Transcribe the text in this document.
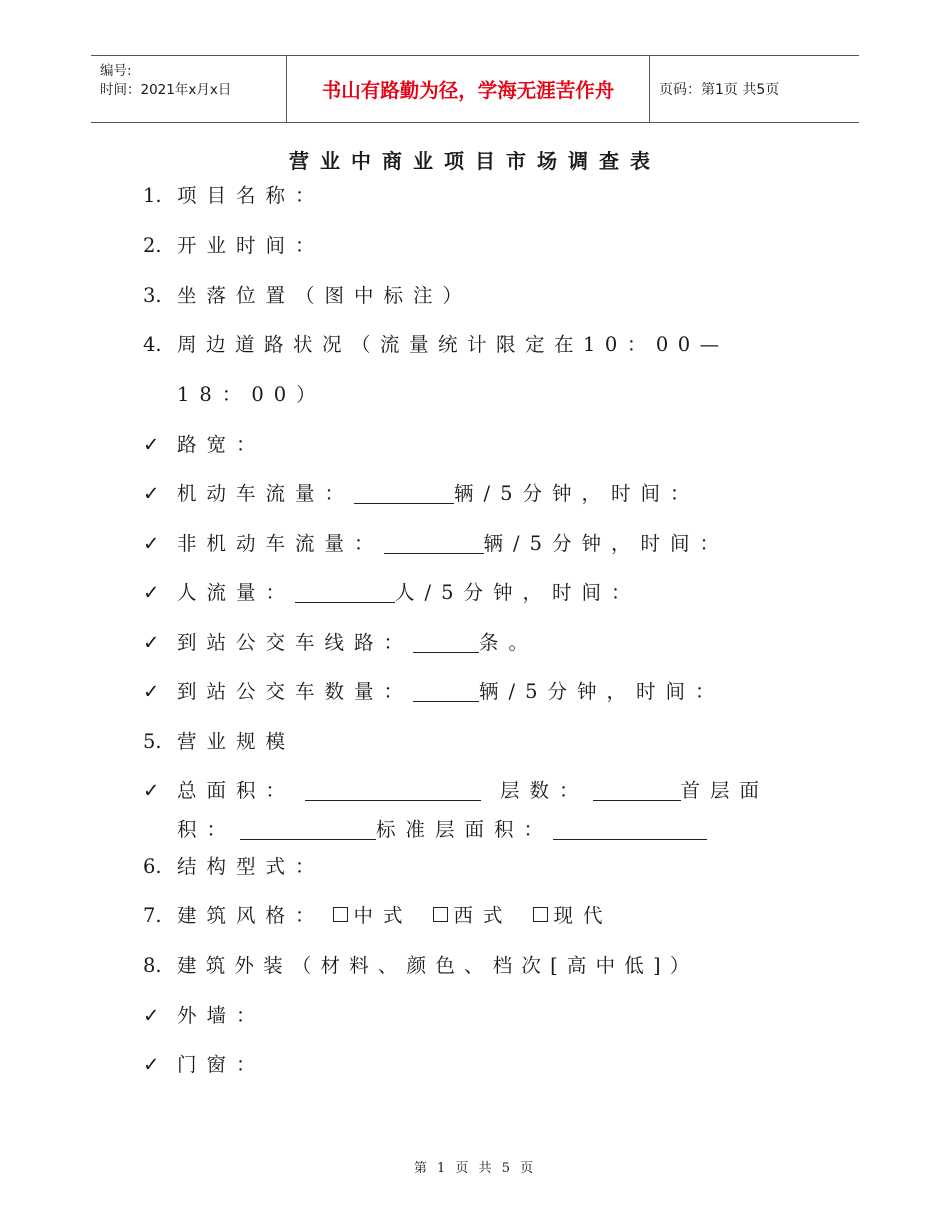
编号:
时间：2021年x月x日	书山有路勤为径，学海无涯苦作舟	页码：第1页 共5页
营业中商业项目市场调查表
1. 项目名称：
2. 开业时间：
3. 坐落位置（图中标注）
4. 周边道路状况（流量统计限定在10：00—
18：00）
✓ 路宽：
✓ 机动车流量：	辆/5分钟，时间：
✓ 非机动车流量：	辆/5分钟，时间：
✓ 人流量：	人/5分钟，时间：
✓ 到站公交车线路：	条。
✓ 到站公交车数量：	辆/5分钟，时间：
5. 营业规模
✓ 总面积：	层数：	首层面
积：	标准层面积：
6. 结构型式：
7. 建筑风格： 中式 西式 现代
8. 建筑外装（材料、颜色、档次[高中低]）
✓ 外墙：
✓ 门窗：
第 1 页 共 5 页
